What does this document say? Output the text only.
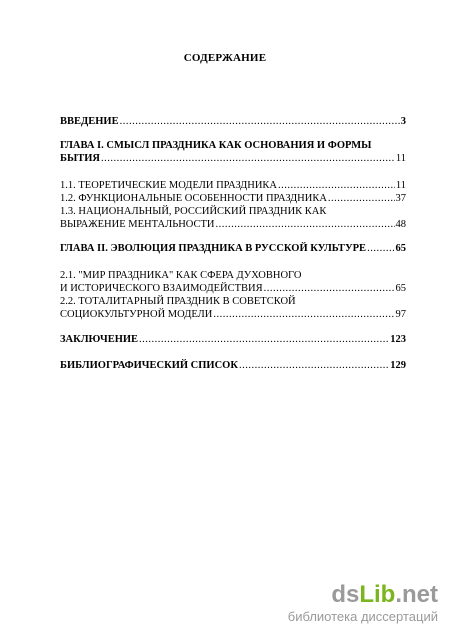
СОДЕРЖАНИЕ
ВВЕДЕНИЕ .....	3
ГЛАВА I. СМЫСЛ ПРАЗДНИКА КАК ОСНОВАНИЯ И ФОРМЫ
БЫТИЯ .....	11
1.1. ТЕОРЕТИЧЕСКИЕ МОДЕЛИ ПРАЗДНИКА .....	11
1.2. ФУНКЦИОНАЛЬНЫЕ ОСОБЕННОСТИ ПРАЗДНИКА .....	37
1.3. НАЦИОНАЛЬНЫЙ, РОССИЙСКИЙ ПРАЗДНИК КАК
ВЫРАЖЕНИЕ МЕНТАЛЬНОСТИ .....	48
ГЛАВА II. ЭВОЛЮЦИЯ ПРАЗДНИКА В РУССКОЙ КУЛЬТУРЕ .....	65
2.1. "МИР ПРАЗДНИКА" КАК СФЕРА ДУХОВНОГО
И ИСТОРИЧЕСКОГО ВЗАИМОДЕЙСТВИЯ .....	65
2.2. ТОТАЛИТАРНЫЙ ПРАЗДНИК В СОВЕТСКОЙ
СОЦИОКУЛЬТУРНОЙ МОДЕЛИ .....	97
ЗАКЛЮЧЕНИЕ .....	123
БИБЛИОГРАФИЧЕСКИЙ СПИСОК .....	129
dsLib.net
библиотека диссертаций
